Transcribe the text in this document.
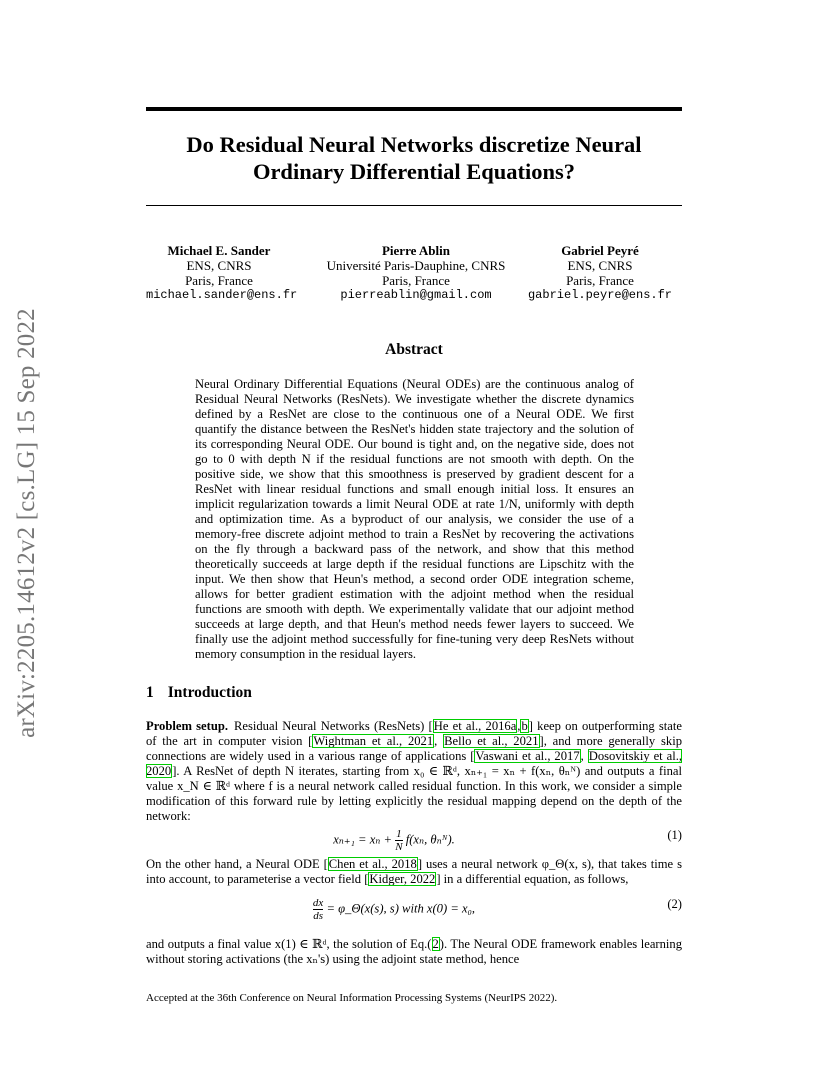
arXiv:2205.14612v2 [cs.LG] 15 Sep 2022
Do Residual Neural Networks discretize Neural Ordinary Differential Equations?
Michael E. Sander
ENS, CNRS
Paris, France
michael.sander@ens.fr
Pierre Ablin
Université Paris-Dauphine, CNRS
Paris, France
pierreablin@gmail.com
Gabriel Peyré
ENS, CNRS
Paris, France
gabriel.peyre@ens.fr
Abstract

Neural Ordinary Differential Equations (Neural ODEs) are the continuous analog of Residual Neural Networks (ResNets). We investigate whether the discrete dynamics defined by a ResNet are close to the continuous one of a Neural ODE. We first quantify the distance between the ResNet's hidden state trajectory and the solution of its corresponding Neural ODE. Our bound is tight and, on the negative side, does not go to 0 with depth N if the residual functions are not smooth with depth. On the positive side, we show that this smoothness is preserved by gradient descent for a ResNet with linear residual functions and small enough initial loss. It ensures an implicit regularization towards a limit Neural ODE at rate 1/N, uniformly with depth and optimization time. As a byproduct of our analysis, we consider the use of a memory-free discrete adjoint method to train a ResNet by recovering the activations on the fly through a backward pass of the network, and show that this method theoretically succeeds at large depth if the residual functions are Lipschitz with the input. We then show that Heun's method, a second order ODE integration scheme, allows for better gradient estimation with the adjoint method when the residual functions are smooth with depth. We experimentally validate that our adjoint method succeeds at large depth, and that Heun's method needs fewer layers to succeed. We finally use the adjoint method successfully for fine-tuning very deep ResNets without memory consumption in the residual layers.

1 Introduction

Problem setup. Residual Neural Networks (ResNets) [He et al., 2016a,b] keep on outperforming state of the art in computer vision [Wightman et al., 2021, Bello et al., 2021], and more generally skip connections are widely used in a various range of applications [Vaswani et al., 2017, Dosovitskiy et al., 2020]. A ResNet of depth N iterates, starting from x₀ ∈ ℝᵈ, xₙ₊₁ = xₙ + f(xₙ, θₙᴺ) and outputs a final value x_N ∈ ℝᵈ where f is a neural network called residual function. In this work, we consider a simple modification of this forward rule by letting explicitly the residual mapping depend on the depth of the network:

$x_{n+1} = x_n + \frac{1}{N} f(x_n$, θₙᴺ).	(1)

On the other hand, a Neural ODE [Chen et al., 2018] uses a neural network φ_Θ(x, s), that takes time s into account, to parameterise a vector field [Kidger, 2022] in a differential equation, as follows,

$\frac{dx}{ds}$ = φ_Θ(x(s), s) with x(0) = x₀,	(2)

and outputs a final value x(1) ∈ ℝᵈ, the solution of Eq.(2). The Neural ODE framework enables learning without storing activations (the xₙ's) using the adjoint state method, hence

Accepted at the 36th Conference on Neural Information Processing Systems (NeurIPS 2022).
